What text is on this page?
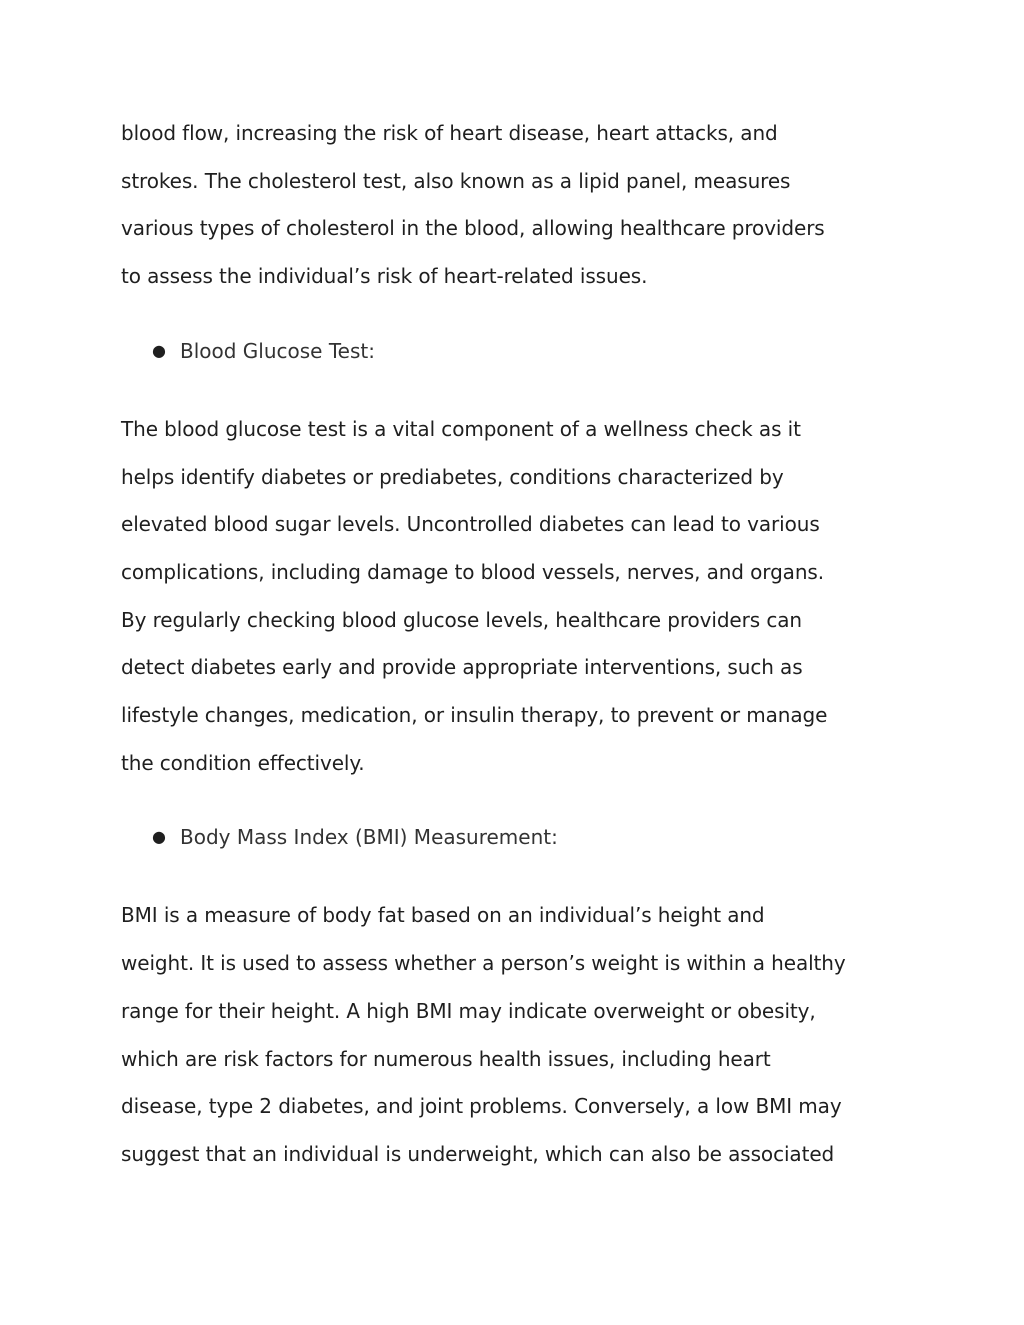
blood flow, increasing the risk of heart disease, heart attacks, and

strokes. The cholesterol test, also known as a lipid panel, measures

various types of cholesterol in the blood, allowing healthcare providers

to assess the individual’s risk of heart-related issues.

● Blood Glucose Test:

The blood glucose test is a vital component of a wellness check as it

helps identify diabetes or prediabetes, conditions characterized by

elevated blood sugar levels. Uncontrolled diabetes can lead to various

complications, including damage to blood vessels, nerves, and organs.

By regularly checking blood glucose levels, healthcare providers can

detect diabetes early and provide appropriate interventions, such as

lifestyle changes, medication, or insulin therapy, to prevent or manage

the condition effectively.

● Body Mass Index (BMI) Measurement:

BMI is a measure of body fat based on an individual’s height and

weight. It is used to assess whether a person’s weight is within a healthy

range for their height. A high BMI may indicate overweight or obesity,

which are risk factors for numerous health issues, including heart

disease, type 2 diabetes, and joint problems. Conversely, a low BMI may

suggest that an individual is underweight, which can also be associated
